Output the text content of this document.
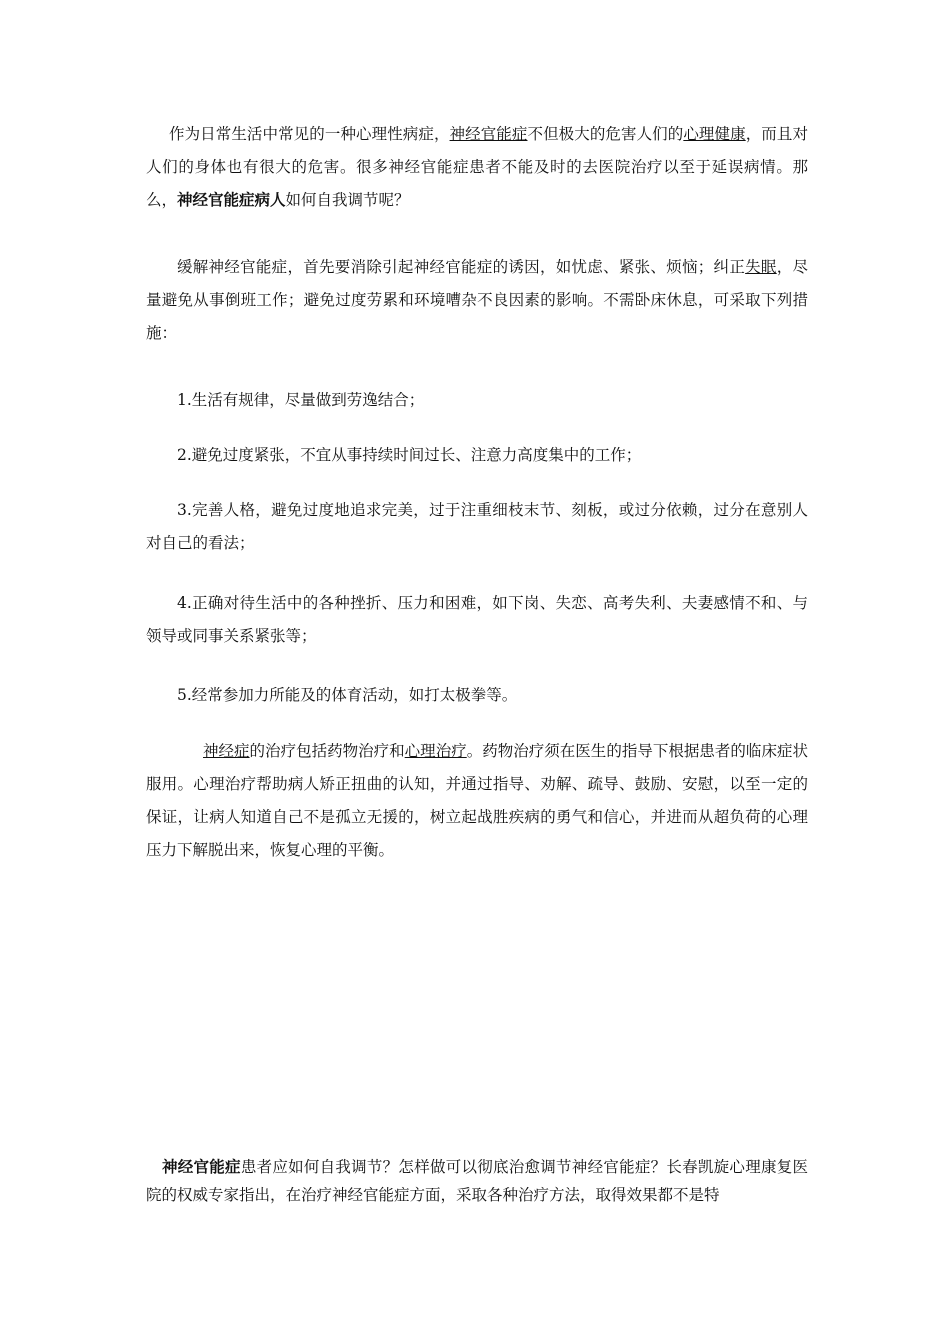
作为日常生活中常见的一种心理性病症，神经官能症不但极大的危害人们的心理健康，而且对人们的身体也有很大的危害。很多神经官能症患者不能及时的去医院治疗以至于延误病情。那么，神经官能症病人如何自我调节呢？

缓解神经官能症，首先要消除引起神经官能症的诱因，如忧虑、紧张、烦恼；纠正失眠，尽量避免从事倒班工作；避免过度劳累和环境嘈杂不良因素的影响。不需卧床休息，可采取下列措施：

1.生活有规律，尽量做到劳逸结合；

2.避免过度紧张，不宜从事持续时间过长、注意力高度集中的工作；

3.完善人格，避免过度地追求完美，过于注重细枝末节、刻板，或过分依赖，过分在意别人对自己的看法；

4.正确对待生活中的各种挫折、压力和困难，如下岗、失恋、高考失利、夫妻感情不和、与领导或同事关系紧张等；

5.经常参加力所能及的体育活动，如打太极拳等。

神经症的治疗包括药物治疗和心理治疗。药物治疗须在医生的指导下根据患者的临床症状服用。心理治疗帮助病人矫正扭曲的认知，并通过指导、劝解、疏导、鼓励、安慰，以至一定的保证，让病人知道自己不是孤立无援的，树立起战胜疾病的勇气和信心，并进而从超负荷的心理压力下解脱出来，恢复心理的平衡。

神经官能症患者应如何自我调节？怎样做可以彻底治愈调节神经官能症？长春凯旋心理康复医院的权威专家指出，在治疗神经官能症方面，采取各种治疗方法，取得效果都不是特
